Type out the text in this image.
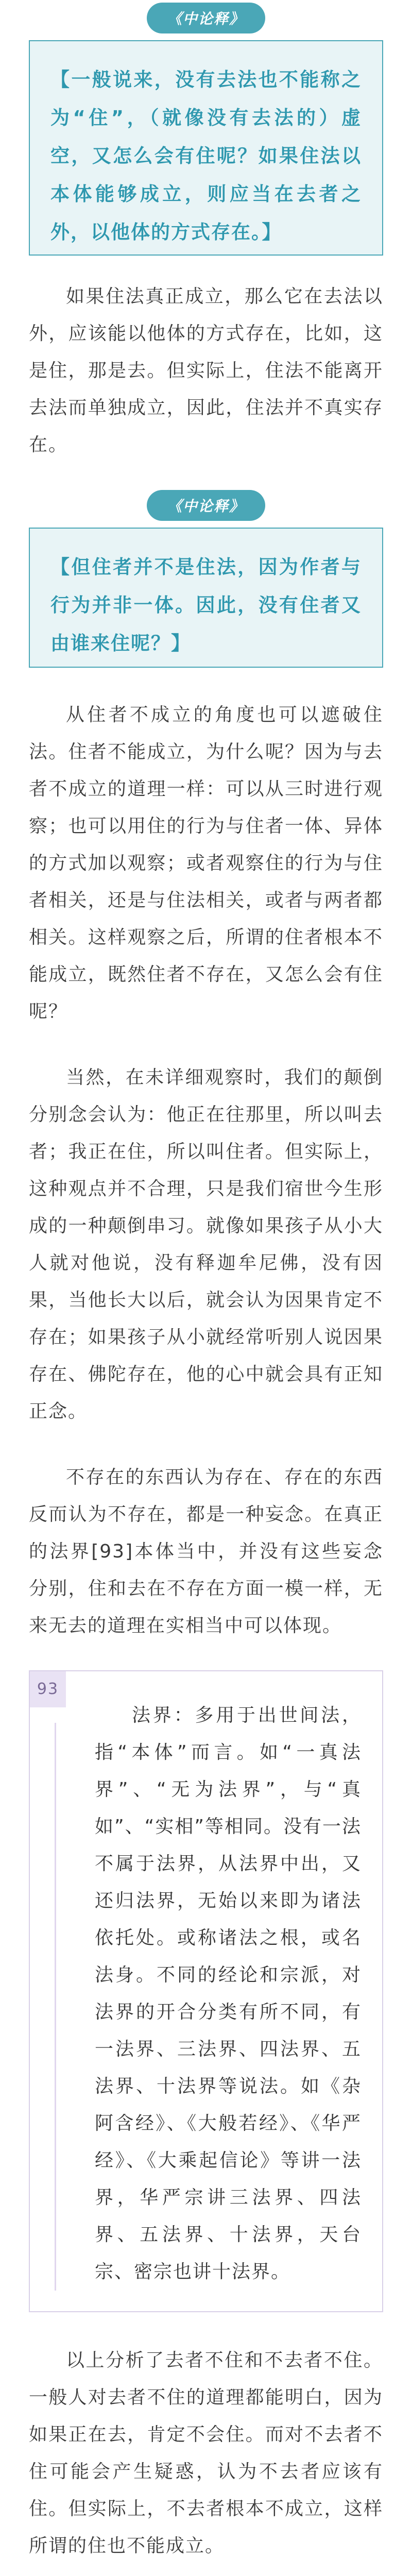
《中论释》
【一般说来，没有去法也不能称之为“住”，（就像没有去法的）虚空，又怎么会有住呢？如果住法以本体能够成立，则应当在去者之外，以他体的方式存在。】

如果住法真正成立，那么它在去法以外，应该能以他体的方式存在，比如，这是住，那是去。但实际上，住法不能离开去法而单独成立，因此，住法并不真实存在。

《中论释》
【但住者并不是住法，因为作者与行为并非一体。因此，没有住者又由谁来住呢？】

从住者不成立的角度也可以遮破住法。住者不能成立，为什么呢？因为与去者不成立的道理一样：可以从三时进行观察；也可以用住的行为与住者一体、异体的方式加以观察；或者观察住的行为与住者相关，还是与住法相关，或者与两者都相关。这样观察之后，所谓的住者根本不能成立，既然住者不存在，又怎么会有住呢？

当然，在未详细观察时，我们的颠倒分别念会认为：他正在往那里，所以叫去者；我正在住，所以叫住者。但实际上，这种观点并不合理，只是我们宿世今生形成的一种颠倒串习。就像如果孩子从小大人就对他说，没有释迦牟尼佛，没有因果，当他长大以后，就会认为因果肯定不存在；如果孩子从小就经常听别人说因果存在、佛陀存在，他的心中就会具有正知正念。

不存在的东西认为存在、存在的东西反而认为不存在，都是一种妄念。在真正的法界[93]本体当中，并没有这些妄念分别，住和去在不存在方面一模一样，无来无去的道理在实相当中可以体现。

93

法界：多用于出世间法，指“本体”而言。如“一真法界”、“无为法界”，与“真如”、“实相”等相同。没有一法不属于法界，从法界中出，又还归法界，无始以来即为诸法依托处。或称诸法之根，或名法身。不同的经论和宗派，对法界的开合分类有所不同，有一法界、三法界、四法界、五法界、十法界等说法。如《杂阿含经》、《大般若经》、《华严经》、《大乘起信论》等讲一法界，华严宗讲三法界、四法界、五法界、十法界，天台宗、密宗也讲十法界。

以上分析了去者不住和不去者不住。一般人对去者不住的道理都能明白，因为如果正在去，肯定不会住。而对不去者不住可能会产生疑惑，认为不去者应该有住。但实际上，不去者根本不成立，这样所谓的住也不能成立。
